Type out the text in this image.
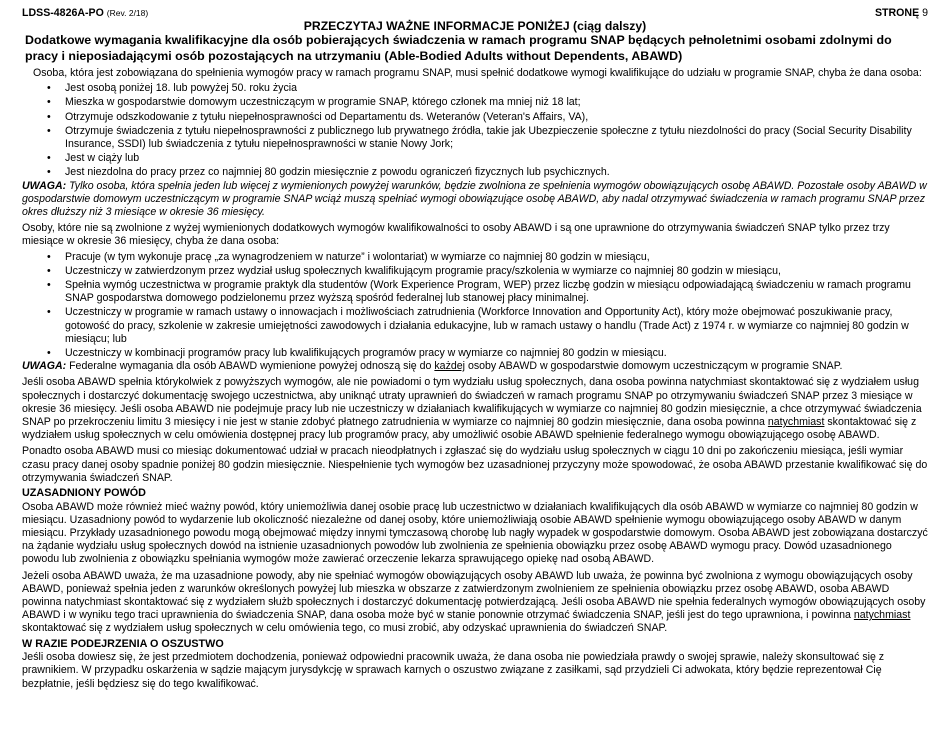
LDSS-4826A-PO (Rev. 2/18)	STRONĘ 9
PRZECZYTAJ WAŻNE INFORMACJE PONIŻEJ (ciąg dalszy)
Dodatkowe wymagania kwalifikacyjne dla osób pobierających świadczenia w ramach programu SNAP będących pełnoletnimi osobami zdolnymi do pracy i nieposiadającymi osób pozostających na utrzymaniu (Able-Bodied Adults without Dependents, ABAWD)

Osoba, która jest zobowiązana do spełnienia wymogów pracy w ramach programu SNAP, musi spełnić dodatkowe wymogi kwalifikujące do udziału w programie SNAP, chyba że dana osoba:

• Jest osobą poniżej 18. lub powyżej 50. roku życia
• Mieszka w gospodarstwie domowym uczestniczącym w programie SNAP, którego członek ma mniej niż 18 lat;
• Otrzymuje odszkodowanie z tytułu niepełnosprawności od Departamentu ds. Weteranów (Veteran's Affairs, VA),
• Otrzymuje świadczenia z tytułu niepełnosprawności z publicznego lub prywatnego źródła, takie jak Ubezpieczenie społeczne z tytułu niezdolności do pracy (Social Security Disability Insurance, SSDI) lub świadczenia z tytułu niepełnosprawności w stanie Nowy Jork;
• Jest w ciąży lub
• Jest niezdolna do pracy przez co najmniej 80 godzin miesięcznie z powodu ograniczeń fizycznych lub psychicznych.

UWAGA: Tylko osoba, która spełnia jeden lub więcej z wymienionych powyżej warunków, będzie zwolniona ze spełnienia wymogów obowiązujących osobę ABAWD. Pozostałe osoby ABAWD w gospodarstwie domowym uczestniczącym w programie SNAP wciąż muszą spełniać wymogi obowiązujące osobę ABAWD, aby nadal otrzymywać świadczenia w ramach programu SNAP przez okres dłuższy niż 3 miesiące w okresie 36 miesięcy.

Osoby, które nie są zwolnione z wyżej wymienionych dodatkowych wymogów kwalifikowalności to osoby ABAWD i są one uprawnione do otrzymywania świadczeń SNAP tylko przez trzy miesiące w okresie 36 miesięcy, chyba że dana osoba:

• Pracuje (w tym wykonuje pracę „za wynagrodzeniem w naturze” i wolontariat) w wymiarze co najmniej 80 godzin w miesiącu,
• Uczestniczy w zatwierdzonym przez wydział usług społecznych kwalifikującym programie pracy/szkolenia w wymiarze co najmniej 80 godzin w miesiącu,
• Spełnia wymóg uczestnictwa w programie praktyk dla studentów (Work Experience Program, WEP) przez liczbę godzin w miesiącu odpowiadającą świadczeniu w ramach programu SNAP gospodarstwa domowego podzielonemu przez wyższą spośród federalnej lub stanowej płacy minimalnej.
• Uczestniczy w programie w ramach ustawy o innowacjach i możliwościach zatrudnienia (Workforce Innovation and Opportunity Act), który może obejmować poszukiwanie pracy, gotowość do pracy, szkolenie w zakresie umiejętności zawodowych i działania edukacyjne, lub w ramach ustawy o handlu (Trade Act) z 1974 r. w wymiarze co najmniej 80 godzin w miesiącu; lub
• Uczestniczy w kombinacji programów pracy lub kwalifikujących programów pracy w wymiarze co najmniej 80 godzin w miesiącu.

UWAGA: Federalne wymagania dla osób ABAWD wymienione powyżej odnoszą się do każdej osoby ABAWD w gospodarstwie domowym uczestniczącym w programie SNAP.

Jeśli osoba ABAWD spełnia którykolwiek z powyższych wymogów, ale nie powiadomi o tym wydziału usług społecznych, dana osoba powinna natychmiast skontaktować się z wydziałem usług społecznych i dostarczyć dokumentację swojego uczestnictwa, aby uniknąć utraty uprawnień do świadczeń w ramach programu SNAP po otrzymywaniu świadczeń SNAP przez 3 miesiące w okresie 36 miesięcy. Jeśli osoba ABAWD nie podejmuje pracy lub nie uczestniczy w działaniach kwalifikujących w wymiarze co najmniej 80 godzin miesięcznie, a chce otrzymywać świadczenia SNAP po przekroczeniu limitu 3 miesięcy i nie jest w stanie zdobyć płatnego zatrudnienia w wymiarze co najmniej 80 godzin miesięcznie, dana osoba powinna natychmiast skontaktować się z wydziałem usług społecznych w celu omówienia dostępnej pracy lub programów pracy, aby umożliwić osobie ABAWD spełnienie federalnego wymogu obowiązującego osobę ABAWD.

Ponadto osoba ABAWD musi co miesiąc dokumentować udział w pracach nieodpłatnych i zgłaszać się do wydziału usług społecznych w ciągu 10 dni po zakończeniu miesiąca, jeśli wymiar czasu pracy danej osoby spadnie poniżej 80 godzin miesięcznie. Niespełnienie tych wymogów bez uzasadnionej przyczyny może spowodować, że osoba ABAWD przestanie kwalifikować się do otrzymywania świadczeń SNAP.

UZASADNIONY POWÓD

Osoba ABAWD może również mieć ważny powód, który uniemożliwia danej osobie pracę lub uczestnictwo w działaniach kwalifikujących dla osób ABAWD w wymiarze co najmniej 80 godzin w miesiącu. Uzasadniony powód to wydarzenie lub okoliczność niezależne od danej osoby, które uniemożliwiają osobie ABAWD spełnienie wymogu obowiązującego osoby ABAWD w danym miesiącu. Przykłady uzasadnionego powodu mogą obejmować między innymi tymczasową chorobę lub nagły wypadek w gospodarstwie domowym. Osoba ABAWD jest zobowiązana dostarczyć na żądanie wydziału usług społecznych dowód na istnienie uzasadnionych powodów lub zwolnienia ze spełnienia obowiązku przez osobę ABAWD wymogu pracy. Dowód uzasadnionego powodu lub zwolnienia z obowiązku spełniania wymogów może zawierać orzeczenie lekarza sprawującego opiekę nad osobą ABAWD.

Jeżeli osoba ABAWD uważa, że ma uzasadnione powody, aby nie spełniać wymogów obowiązujących osoby ABAWD lub uważa, że powinna być zwolniona z wymogu obowiązujących osoby ABAWD, ponieważ spełnia jeden z warunków określonych powyżej lub mieszka w obszarze z zatwierdzonym zwolnieniem ze spełnienia obowiązku przez osobę ABAWD, osoba ABAWD powinna natychmiast skontaktować się z wydziałem służb społecznych i dostarczyć dokumentację potwierdzającą. Jeśli osoba ABAWD nie spełnia federalnych wymogów obowiązujących osoby ABAWD i w wyniku tego traci uprawnienia do świadczenia SNAP, dana osoba może być w stanie ponownie otrzymać świadczenia SNAP, jeśli jest do tego uprawniona, i powinna natychmiast skontaktować się z wydziałem usług społecznych w celu omówienia tego, co musi zrobić, aby odzyskać uprawnienia do świadczeń SNAP.

W RAZIE PODEJRZENIA O OSZUSTWO

Jeśli osoba dowiesz się, że jest przedmiotem dochodzenia, ponieważ odpowiedni pracownik uważa, że dana osoba nie powiedziała prawdy o swojej sprawie, należy skonsultować się z prawnikiem. W przypadku oskarżenia w sądzie mającym jurysdykcję w sprawach karnych o oszustwo związane z zasiłkami, sąd przydzieli Ci adwokata, który będzie reprezentował Cię bezpłatnie, jeśli będziesz się do tego kwalifikować.
